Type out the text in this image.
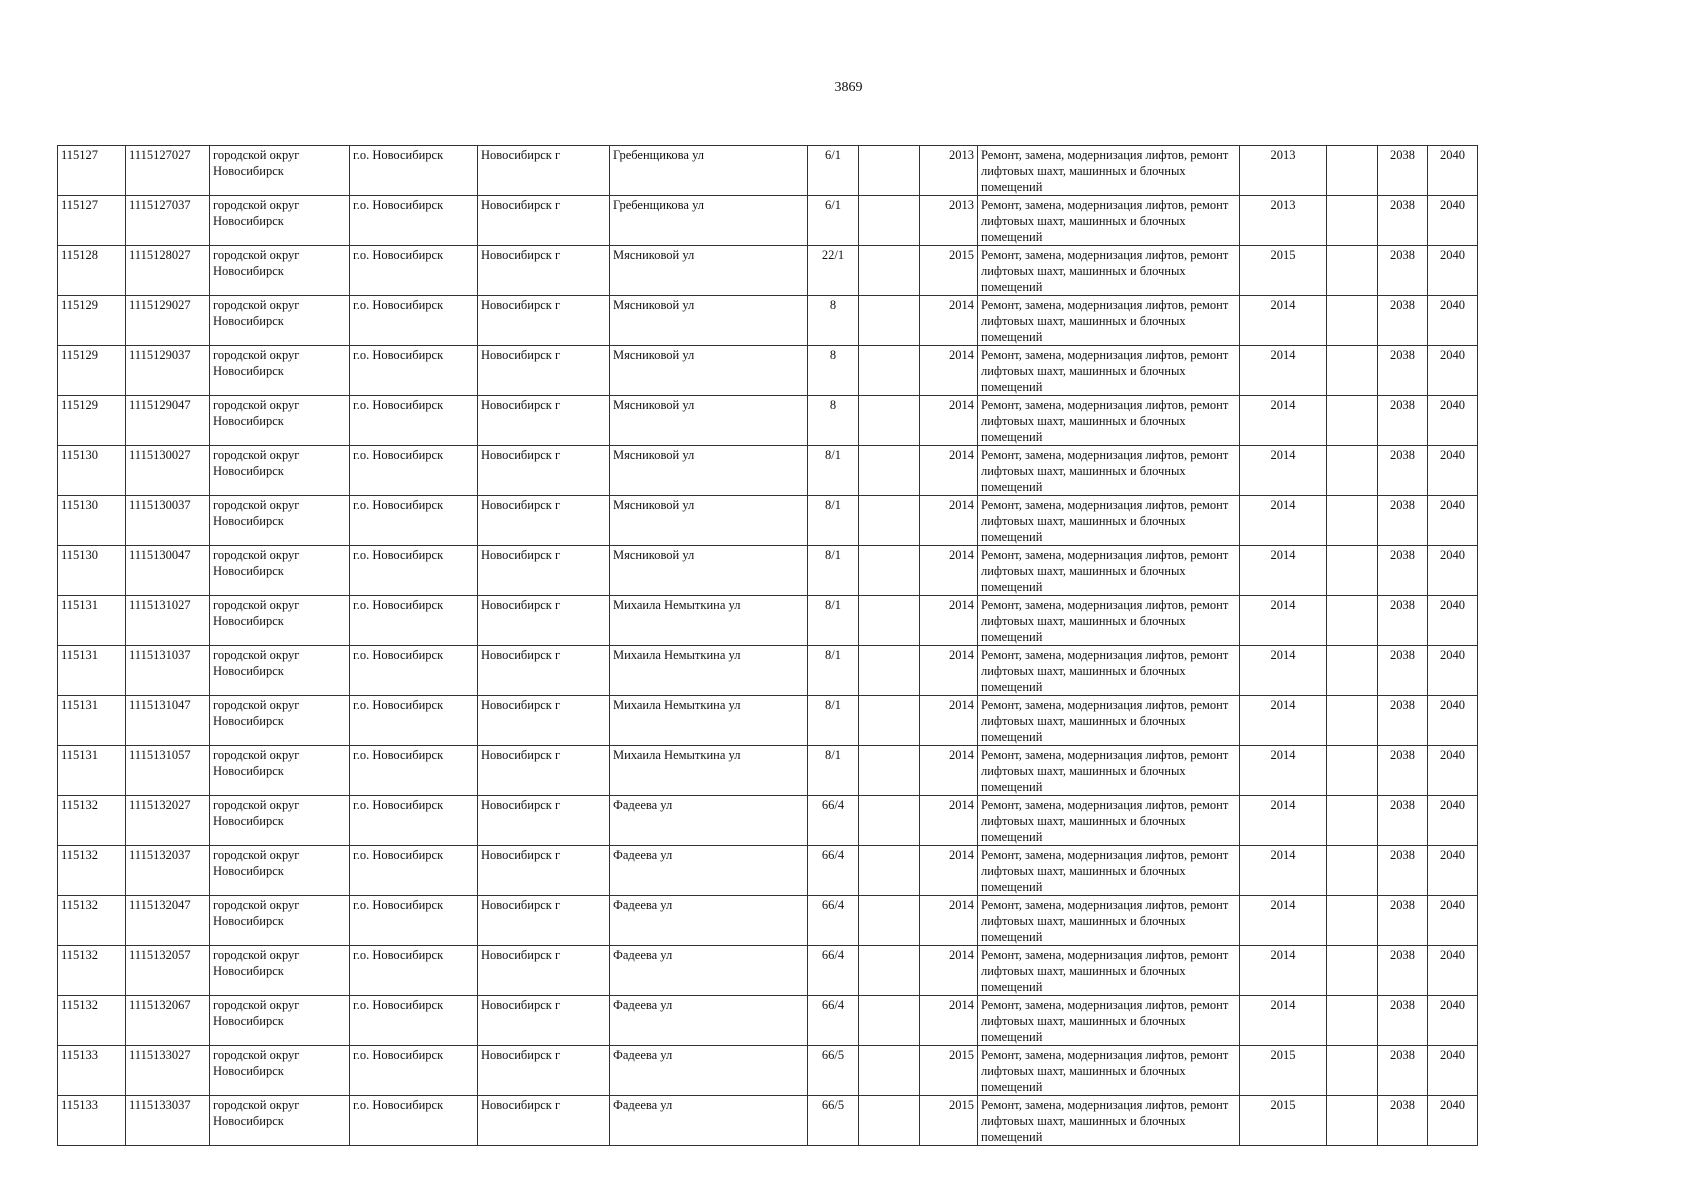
3869
115127	1115127027	городской округ Новосибирск	г.о. Новосибирск	Новосибирск г	Гребенщикова ул	6/1		2013	Ремонт, замена, модернизация лифтов, ремонт лифтовых шахт, машинных и блочных помещений	2013		2038	2040
115127	1115127037	городской округ Новосибирск	г.о. Новосибирск	Новосибирск г	Гребенщикова ул	6/1		2013	Ремонт, замена, модернизация лифтов, ремонт лифтовых шахт, машинных и блочных помещений	2013		2038	2040
115128	1115128027	городской округ Новосибирск	г.о. Новосибирск	Новосибирск г	Мясниковой ул	22/1		2015	Ремонт, замена, модернизация лифтов, ремонт лифтовых шахт, машинных и блочных помещений	2015		2038	2040
115129	1115129027	городской округ Новосибирск	г.о. Новосибирск	Новосибирск г	Мясниковой ул	8		2014	Ремонт, замена, модернизация лифтов, ремонт лифтовых шахт, машинных и блочных помещений	2014		2038	2040
115129	1115129037	городской округ Новосибирск	г.о. Новосибирск	Новосибирск г	Мясниковой ул	8		2014	Ремонт, замена, модернизация лифтов, ремонт лифтовых шахт, машинных и блочных помещений	2014		2038	2040
115129	1115129047	городской округ Новосибирск	г.о. Новосибирск	Новосибирск г	Мясниковой ул	8		2014	Ремонт, замена, модернизация лифтов, ремонт лифтовых шахт, машинных и блочных помещений	2014		2038	2040
115130	1115130027	городской округ Новосибирск	г.о. Новосибирск	Новосибирск г	Мясниковой ул	8/1		2014	Ремонт, замена, модернизация лифтов, ремонт лифтовых шахт, машинных и блочных помещений	2014		2038	2040
115130	1115130037	городской округ Новосибирск	г.о. Новосибирск	Новосибирск г	Мясниковой ул	8/1		2014	Ремонт, замена, модернизация лифтов, ремонт лифтовых шахт, машинных и блочных помещений	2014		2038	2040
115130	1115130047	городской округ Новосибирск	г.о. Новосибирск	Новосибирск г	Мясниковой ул	8/1		2014	Ремонт, замена, модернизация лифтов, ремонт лифтовых шахт, машинных и блочных помещений	2014		2038	2040
115131	1115131027	городской округ Новосибирск	г.о. Новосибирск	Новосибирск г	Михаила Немыткина ул	8/1		2014	Ремонт, замена, модернизация лифтов, ремонт лифтовых шахт, машинных и блочных помещений	2014		2038	2040
115131	1115131037	городской округ Новосибирск	г.о. Новосибирск	Новосибирск г	Михаила Немыткина ул	8/1		2014	Ремонт, замена, модернизация лифтов, ремонт лифтовых шахт, машинных и блочных помещений	2014		2038	2040
115131	1115131047	городской округ Новосибирск	г.о. Новосибирск	Новосибирск г	Михаила Немыткина ул	8/1		2014	Ремонт, замена, модернизация лифтов, ремонт лифтовых шахт, машинных и блочных помещений	2014		2038	2040
115131	1115131057	городской округ Новосибирск	г.о. Новосибирск	Новосибирск г	Михаила Немыткина ул	8/1		2014	Ремонт, замена, модернизация лифтов, ремонт лифтовых шахт, машинных и блочных помещений	2014		2038	2040
115132	1115132027	городской округ Новосибирск	г.о. Новосибирск	Новосибирск г	Фадеева ул	66/4		2014	Ремонт, замена, модернизация лифтов, ремонт лифтовых шахт, машинных и блочных помещений	2014		2038	2040
115132	1115132037	городской округ Новосибирск	г.о. Новосибирск	Новосибирск г	Фадеева ул	66/4		2014	Ремонт, замена, модернизация лифтов, ремонт лифтовых шахт, машинных и блочных помещений	2014		2038	2040
115132	1115132047	городской округ Новосибирск	г.о. Новосибирск	Новосибирск г	Фадеева ул	66/4		2014	Ремонт, замена, модернизация лифтов, ремонт лифтовых шахт, машинных и блочных помещений	2014		2038	2040
115132	1115132057	городской округ Новосибирск	г.о. Новосибирск	Новосибирск г	Фадеева ул	66/4		2014	Ремонт, замена, модернизация лифтов, ремонт лифтовых шахт, машинных и блочных помещений	2014		2038	2040
115132	1115132067	городской округ Новосибирск	г.о. Новосибирск	Новосибирск г	Фадеева ул	66/4		2014	Ремонт, замена, модернизация лифтов, ремонт лифтовых шахт, машинных и блочных помещений	2014		2038	2040
115133	1115133027	городской округ Новосибирск	г.о. Новосибирск	Новосибирск г	Фадеева ул	66/5		2015	Ремонт, замена, модернизация лифтов, ремонт лифтовых шахт, машинных и блочных помещений	2015		2038	2040
115133	1115133037	городской округ Новосибирск	г.о. Новосибирск	Новосибирск г	Фадеева ул	66/5		2015	Ремонт, замена, модернизация лифтов, ремонт лифтовых шахт, машинных и блочных помещений	2015		2038	2040
